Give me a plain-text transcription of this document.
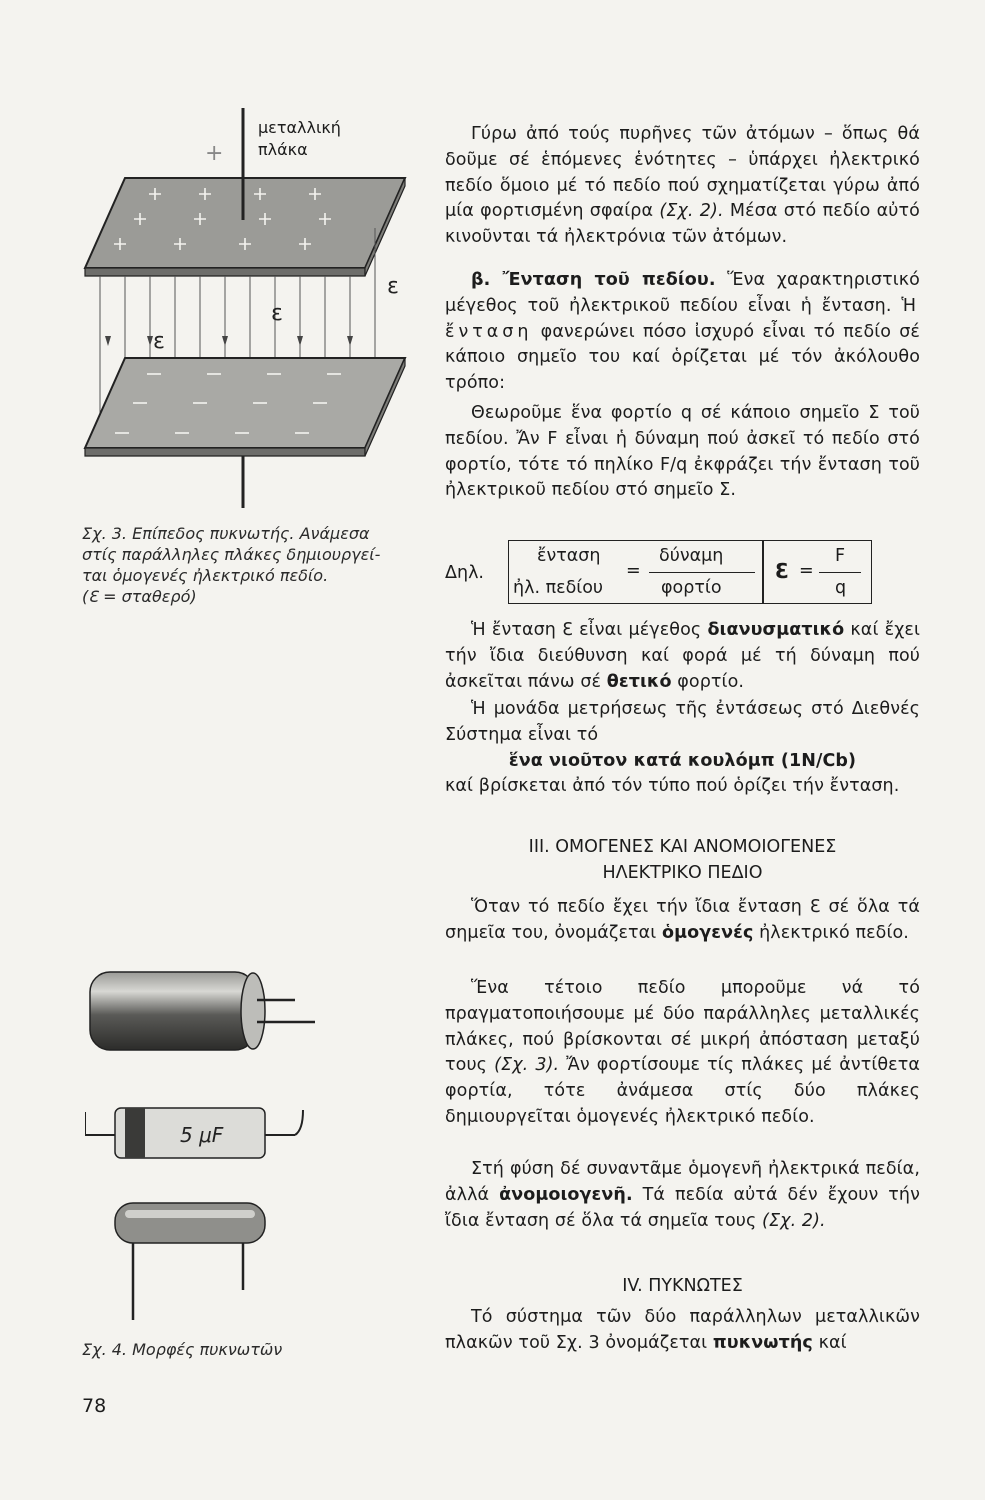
+
ε
ε
ε
μεταλλική
πλάκα
Σχ. 3. Επίπεδος πυκνωτής. Ανάμεσα
στίς παράλληλες πλάκες δημιουργεί-
ται ὁμογενές ἠλεκτρικό πεδίο.
(Ɛ = σταθερό)
5 μF
Σχ. 4. Μορφές πυκνωτῶν
78

Γύρω ἀπό τούς πυρῆνες τῶν ἀτόμων – ὅπως θά δοῦμε σέ ἑπόμενες ἑνότητες – ὑπάρχει ἠλεκτρικό πεδίο ὅμοιο μέ τό πεδίο πού σχηματίζεται γύρω ἀπό μία φορτισμένη σφαίρα (Σχ. 2). Μέσα στό πεδίο αὐτό κινοῦνται τά ἠλεκτρόνια τῶν ἀτόμων.

β. Ἔνταση τοῦ πεδίου. Ἕνα χαρακτηριστικό μέγεθος τοῦ ἠλεκτρικοῦ πεδίου εἶναι ἡ ἔνταση. Ἡ ἔνταση φανερώνει πόσο ἰσχυρό εἶναι τό πεδίο σέ κάποιο σημεῖο του καί ὁρίζεται μέ τόν ἀκόλουθο τρόπο:

Θεωροῦμε ἕνα φορτίο q σέ κάποιο σημεῖο Σ τοῦ πεδίου. Ἄν F εἶναι ἡ δύναμη πού ἀσκεῖ τό πεδίο στό φορτίο, τότε τό πηλίκο F/q ἐκφράζει τήν ἔνταση τοῦ ἠλεκτρικοῦ πεδίου στό σημεῖο Σ.

Δηλ.
ἔνταση
ἠλ. πεδίου
=
δύναμη
φορτίο
Ɛ =
F
q

Ἡ ἔνταση Ɛ εἶναι μέγεθος διανυσματικό καί ἔχει τήν ἴδια διεύθυνση καί φορά μέ τή δύναμη πού ἀσκεῖται πάνω σέ θετικό φορτίο.

Ἡ μονάδα μετρήσεως τῆς ἐντάσεως στό Διεθνές Σύστημα εἶναι τό

ἕνα νιοῦτον κατά κουλόμπ (1N/Cb)

καί βρίσκεται ἀπό τόν τύπο πού ὁρίζει τήν ἔνταση.

ΙΙΙ. ΟΜΟΓΕΝΕΣ ΚΑΙ ΑΝΟΜΟΙΟΓΕΝΕΣ
ΗΛΕΚΤΡΙΚΟ ΠΕΔΙΟ

Ὅταν τό πεδίο ἔχει τήν ἴδια ἔνταση Ɛ σέ ὅλα τά σημεῖα του, ὀνομάζεται ὁμογενές ἠλεκτρικό πεδίο.

Ἕνα τέτοιο πεδίο μποροῦμε νά τό πραγματοποιήσουμε μέ δύο παράλληλες μεταλλικές πλάκες, πού βρίσκονται σέ μικρή ἀπόσταση μεταξύ τους (Σχ. 3). Ἄν φορτίσουμε τίς πλάκες μέ ἀντίθετα φορτία, τότε ἀνάμεσα στίς δύο πλάκες δημιουργεῖται ὁμογενές ἠλεκτρικό πεδίο.

Στή φύση δέ συναντᾶμε ὁμογενῆ ἠλεκτρικά πεδία, ἀλλά ἀνομοιογενῆ. Τά πεδία αὐτά δέν ἔχουν τήν ἴδια ἔνταση σέ ὅλα τά σημεῖα τους (Σχ. 2).

IV. ΠΥΚΝΩΤΕΣ

Τό σύστημα τῶν δύο παράλληλων μεταλλικῶν πλακῶν τοῦ Σχ. 3 ὀνομάζεται πυκνωτής καί
